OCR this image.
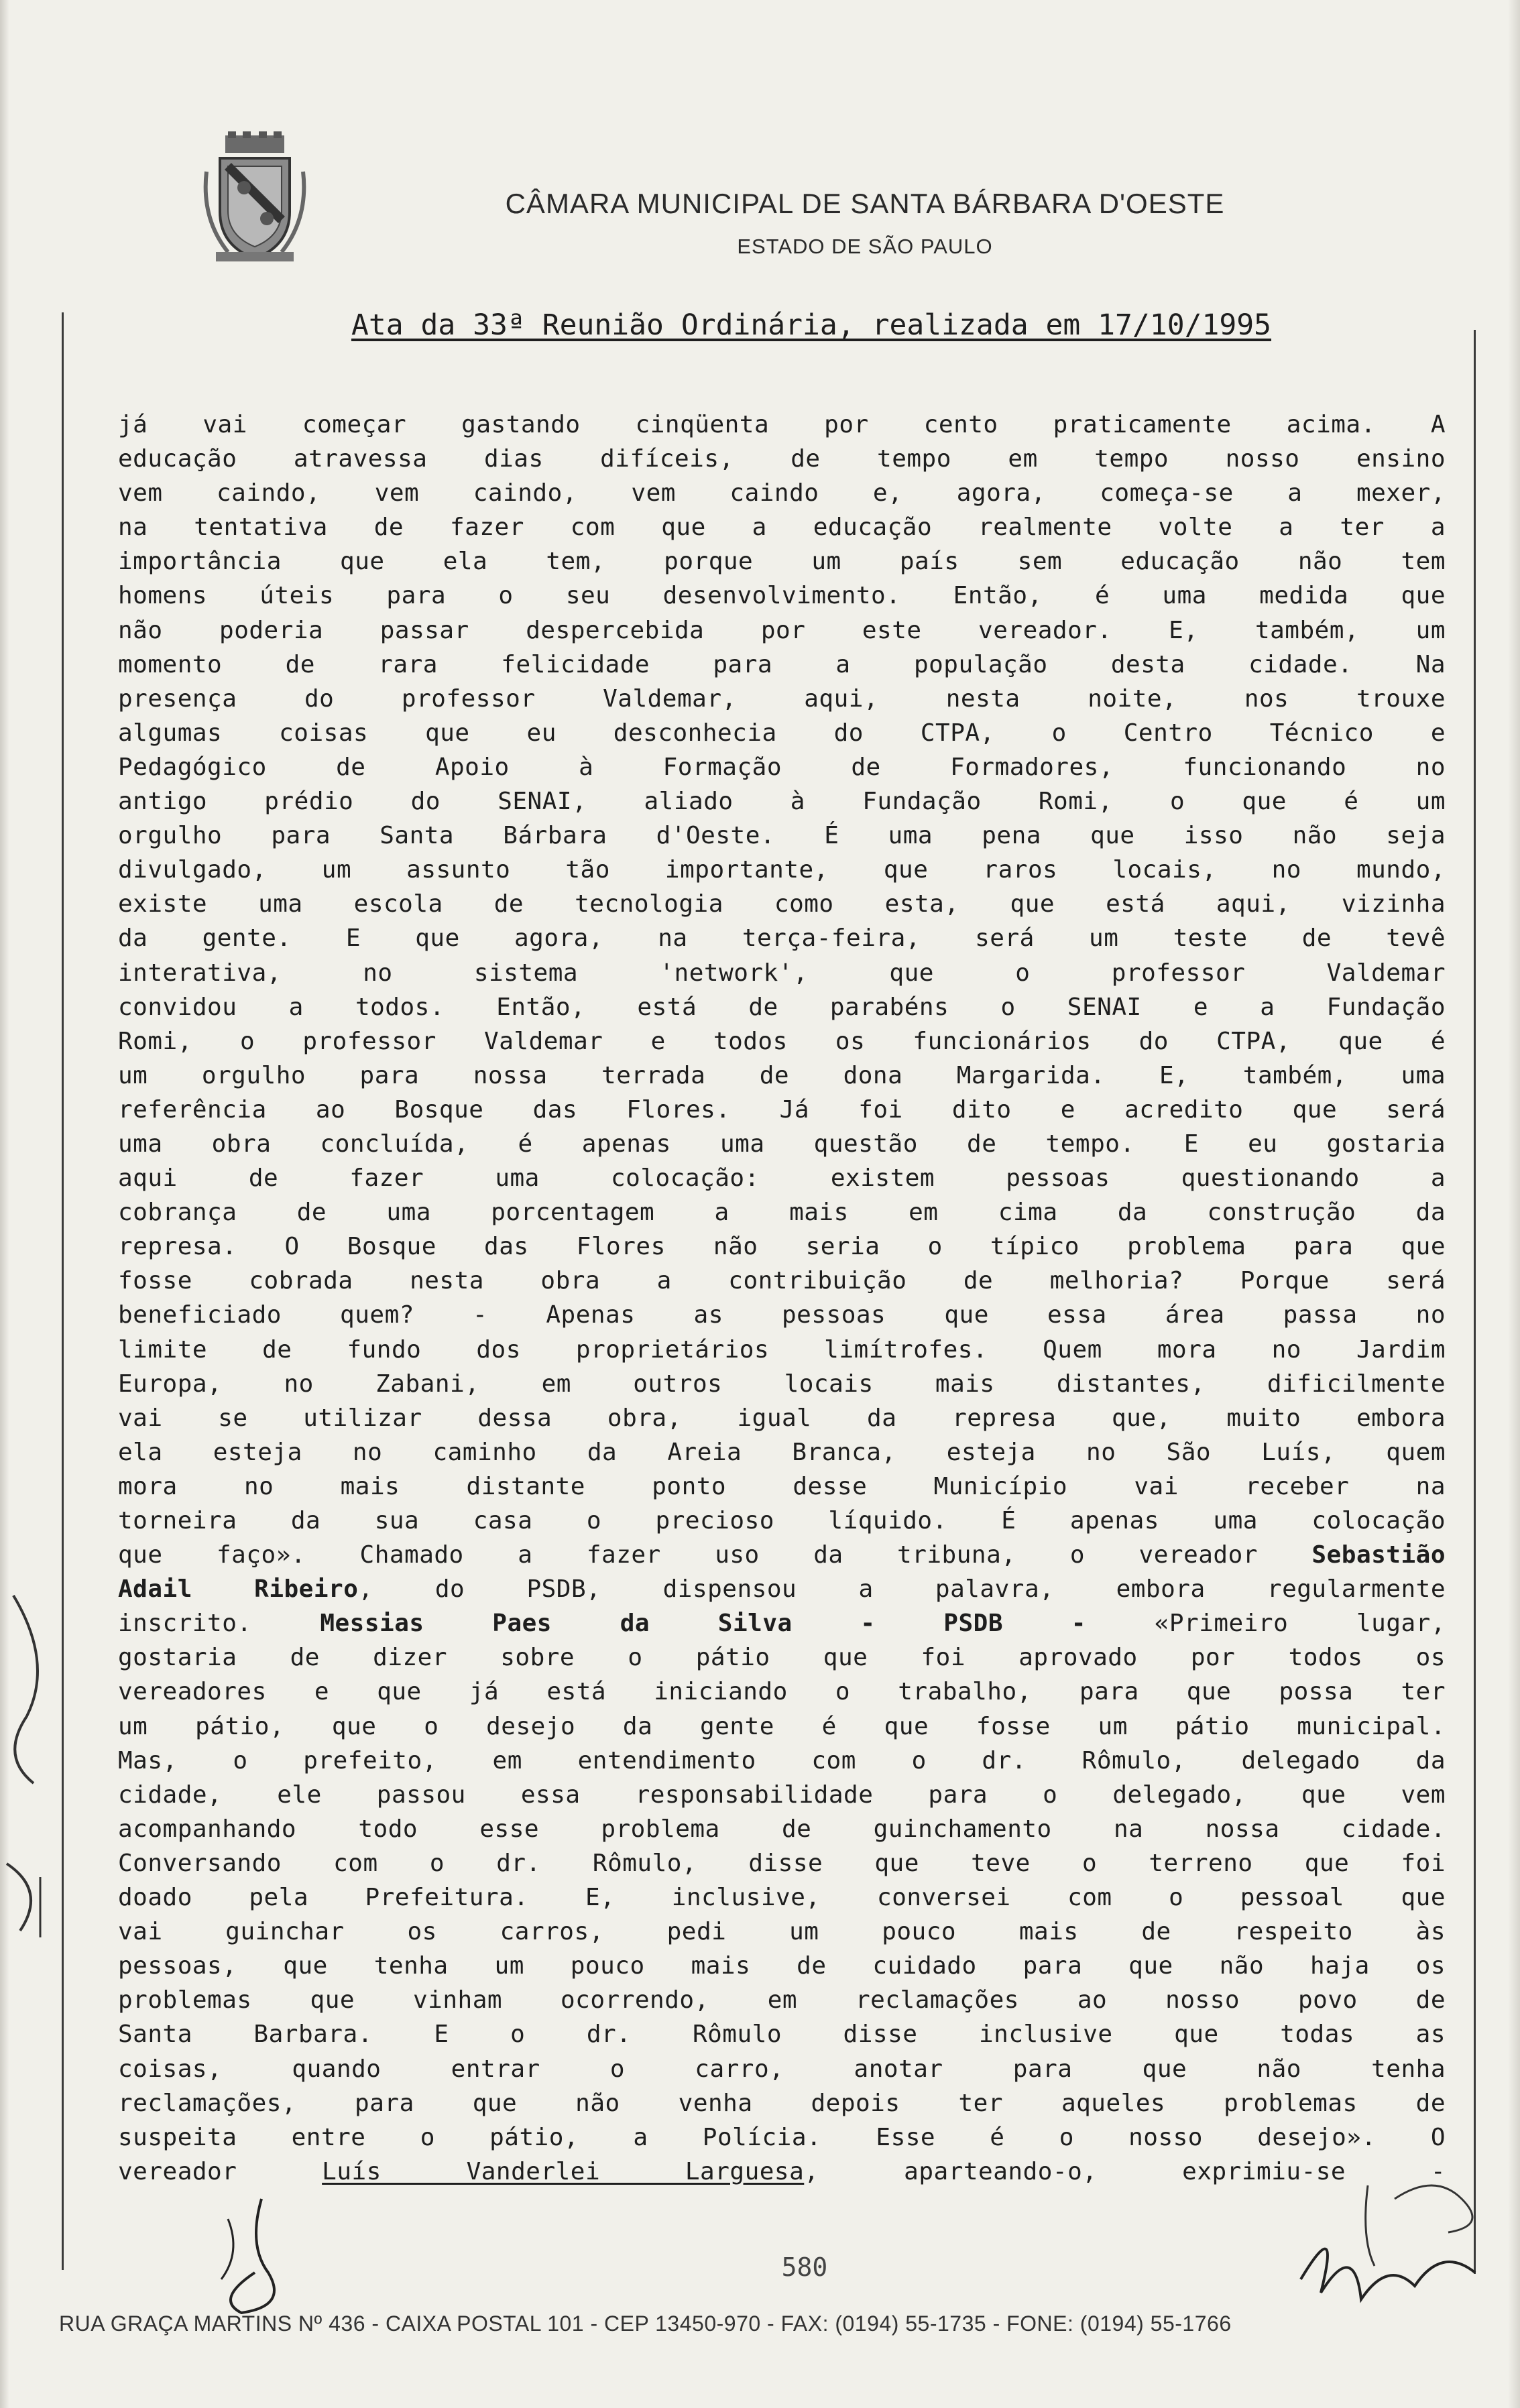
CÂMARA MUNICIPAL DE SANTA BÁRBARA D'OESTE
ESTADO DE SÃO PAULO
Ata da 33ª Reunião Ordinária, realizada em 17/10/1995
já vai começar gastando cinqüenta por cento praticamente acima. A
educação atravessa dias difíceis, de tempo em tempo nosso ensino
vem caindo, vem caindo, vem caindo e, agora, começa-se a mexer,
na tentativa de fazer com que a educação realmente volte a ter a
importância que ela tem, porque um país sem educação não tem
homens úteis para o seu desenvolvimento. Então, é uma medida que
não poderia passar despercebida por este vereador. E, também, um
momento de rara felicidade para a população desta cidade. Na
presença do professor Valdemar, aqui, nesta noite, nos trouxe
algumas coisas que eu desconhecia do CTPA, o Centro Técnico e
Pedagógico de Apoio à Formação de Formadores, funcionando no
antigo prédio do SENAI, aliado à Fundação Romi, o que é um
orgulho para Santa Bárbara d'Oeste. É uma pena que isso não seja
divulgado, um assunto tão importante, que raros locais, no mundo,
existe uma escola de tecnologia como esta, que está aqui, vizinha
da gente. E que agora, na terça-feira, será um teste de tevê
interativa, no sistema 'network', que o professor Valdemar
convidou a todos. Então, está de parabéns o SENAI e a Fundação
Romi, o professor Valdemar e todos os funcionários do CTPA, que é
um orgulho para nossa terrada de dona Margarida. E, também, uma
referência ao Bosque das Flores. Já foi dito e acredito que será
uma obra concluída, é apenas uma questão de tempo. E eu gostaria
aqui de fazer uma colocação: existem pessoas questionando a
cobrança de uma porcentagem a mais em cima da construção da
represa. O Bosque das Flores não seria o típico problema para que
fosse cobrada nesta obra a contribuição de melhoria? Porque será
beneficiado quem? - Apenas as pessoas que essa área passa no
limite de fundo dos proprietários limítrofes. Quem mora no Jardim
Europa, no Zabani, em outros locais mais distantes, dificilmente
vai se utilizar dessa obra, igual da represa que, muito embora
ela esteja no caminho da Areia Branca, esteja no São Luís, quem
mora no mais distante ponto desse Município vai receber na
torneira da sua casa o precioso líquido. É apenas uma colocação
que faço». Chamado a fazer uso da tribuna, o vereador Sebastião
Adail Ribeiro, do PSDB, dispensou a palavra, embora regularmente
inscrito.	Messias Paes da Silva - PSDB -	«Primeiro lugar,
gostaria de dizer sobre o pátio que foi aprovado por todos os
vereadores e que já está iniciando o trabalho, para que possa ter
um pátio, que o desejo da gente é que fosse um pátio municipal.
Mas, o prefeito, em entendimento com o dr. Rômulo, delegado da
cidade, ele passou essa responsabilidade para o delegado, que vem
acompanhando todo esse problema de guinchamento na nossa cidade.
Conversando com o dr. Rômulo, disse que teve o terreno que foi
doado pela Prefeitura. E, inclusive, conversei com o pessoal que
vai guinchar os carros, pedi um pouco mais de respeito às
pessoas, que tenha um pouco mais de cuidado para que não haja os
problemas que vinham ocorrendo, em reclamações ao nosso povo de
Santa Barbara. E o dr. Rômulo disse inclusive que todas as
coisas, quando entrar o carro, anotar para que não tenha
reclamações, para que não venha depois ter aqueles problemas de
suspeita entre o pátio, a Polícia. Esse é o nosso desejo». O
vereador	Luís Vanderlei Larguesa, aparteando-o, exprimiu-se -
580
RUA GRAÇA MARTINS Nº 436 - CAIXA POSTAL 101 - CEP 13450-970 - FAX: (0194) 55-1735 - FONE: (0194) 55-1766
